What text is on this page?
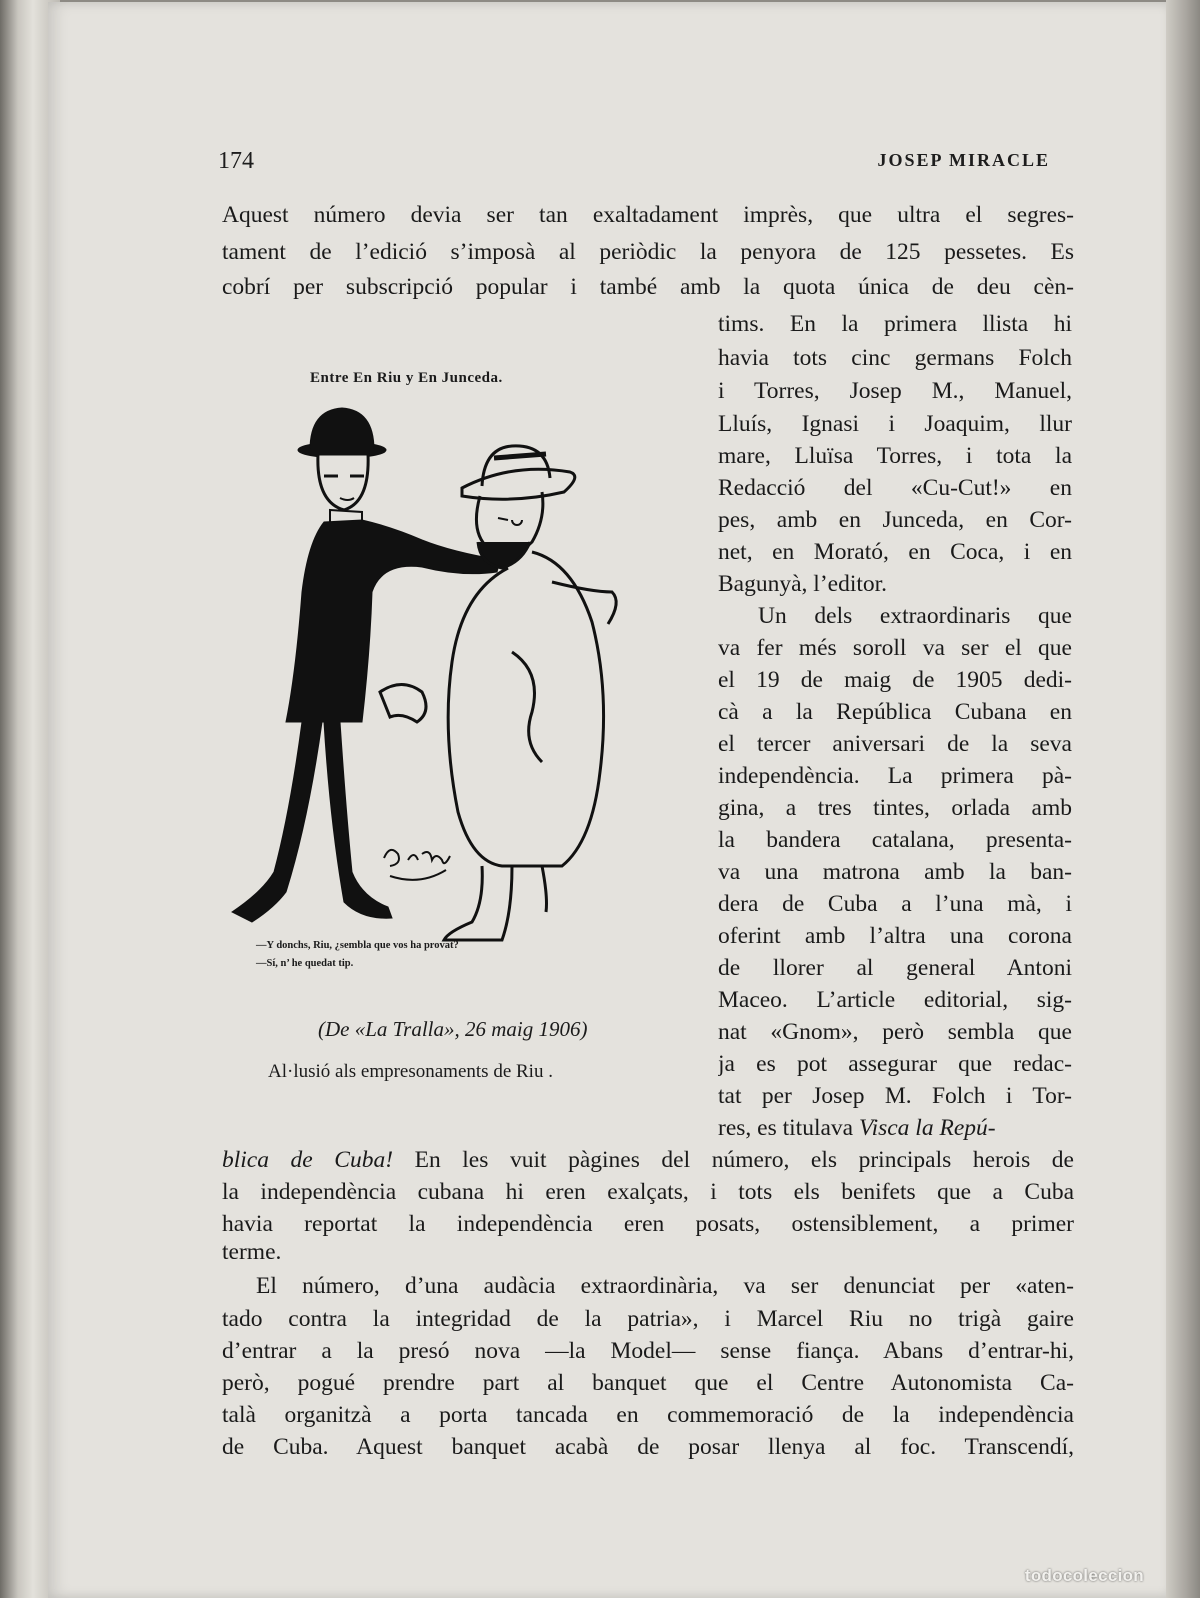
174	JOSEP MIRACLE
Aquest número devia ser tan exaltadament imprès, que ultra el segres-
tament de l’edició s’imposà al periòdic la penyora de 125 pessetes. Es
cobrí per subscripció popular i també amb la quota única de deu cèn-
tims. En la primera llista hi
havia tots cinc germans Folch
i Torres, Josep M., Manuel,
Lluís, Ignasi i Joaquim, llur
mare, Lluïsa Torres, i tota la
Redacció del «Cu-Cut!» en
pes, amb en Junceda, en Cor-
net, en Morató, en Coca, i en
Bagunyà, l’editor.
Un dels extraordinaris que
va fer més soroll va ser el que
el 19 de maig de 1905 dedi-
cà a la República Cubana en
el tercer aniversari de la seva
independència. La primera pà-
gina, a tres tintes, orlada amb
la bandera catalana, presenta-
va una matrona amb la ban-
dera de Cuba a l’una mà, i
oferint amb l’altra una corona
de llorer al general Antoni
Maceo. L’article editorial, sig-
nat «Gnom», però sembla que
ja es pot assegurar que redac-
tat per Josep M. Folch i Tor-
res, es titulava Visca la Repú-
blica de Cuba! En les vuit pàgines del número, els principals herois de
la independència cubana hi eren exalçats, i tots els benifets que a Cuba
havia reportat la independència eren posats, ostensiblement, a primer
terme.
El número, d’una audàcia extraordinària, va ser denunciat per «aten-
tado contra la integridad de la patria», i Marcel Riu no trigà gaire
d’entrar a la presó nova —la Model— sense fiança. Abans d’entrar-hi,
però, pogué prendre part al banquet que el Centre Autonomista Ca-
talà organitzà a porta tancada en commemoració de la independència
de Cuba. Aquest banquet acabà de posar llenya al foc. Transcendí,
Entre En Riu y En Junceda.
—Y donchs, Riu, ¿sembla que vos ha provat?
—Sí, n’ he quedat tip.
(De «La Tralla», 26 maig 1906)
Al·lusió als empresonaments de Riu .
todocoleccion
